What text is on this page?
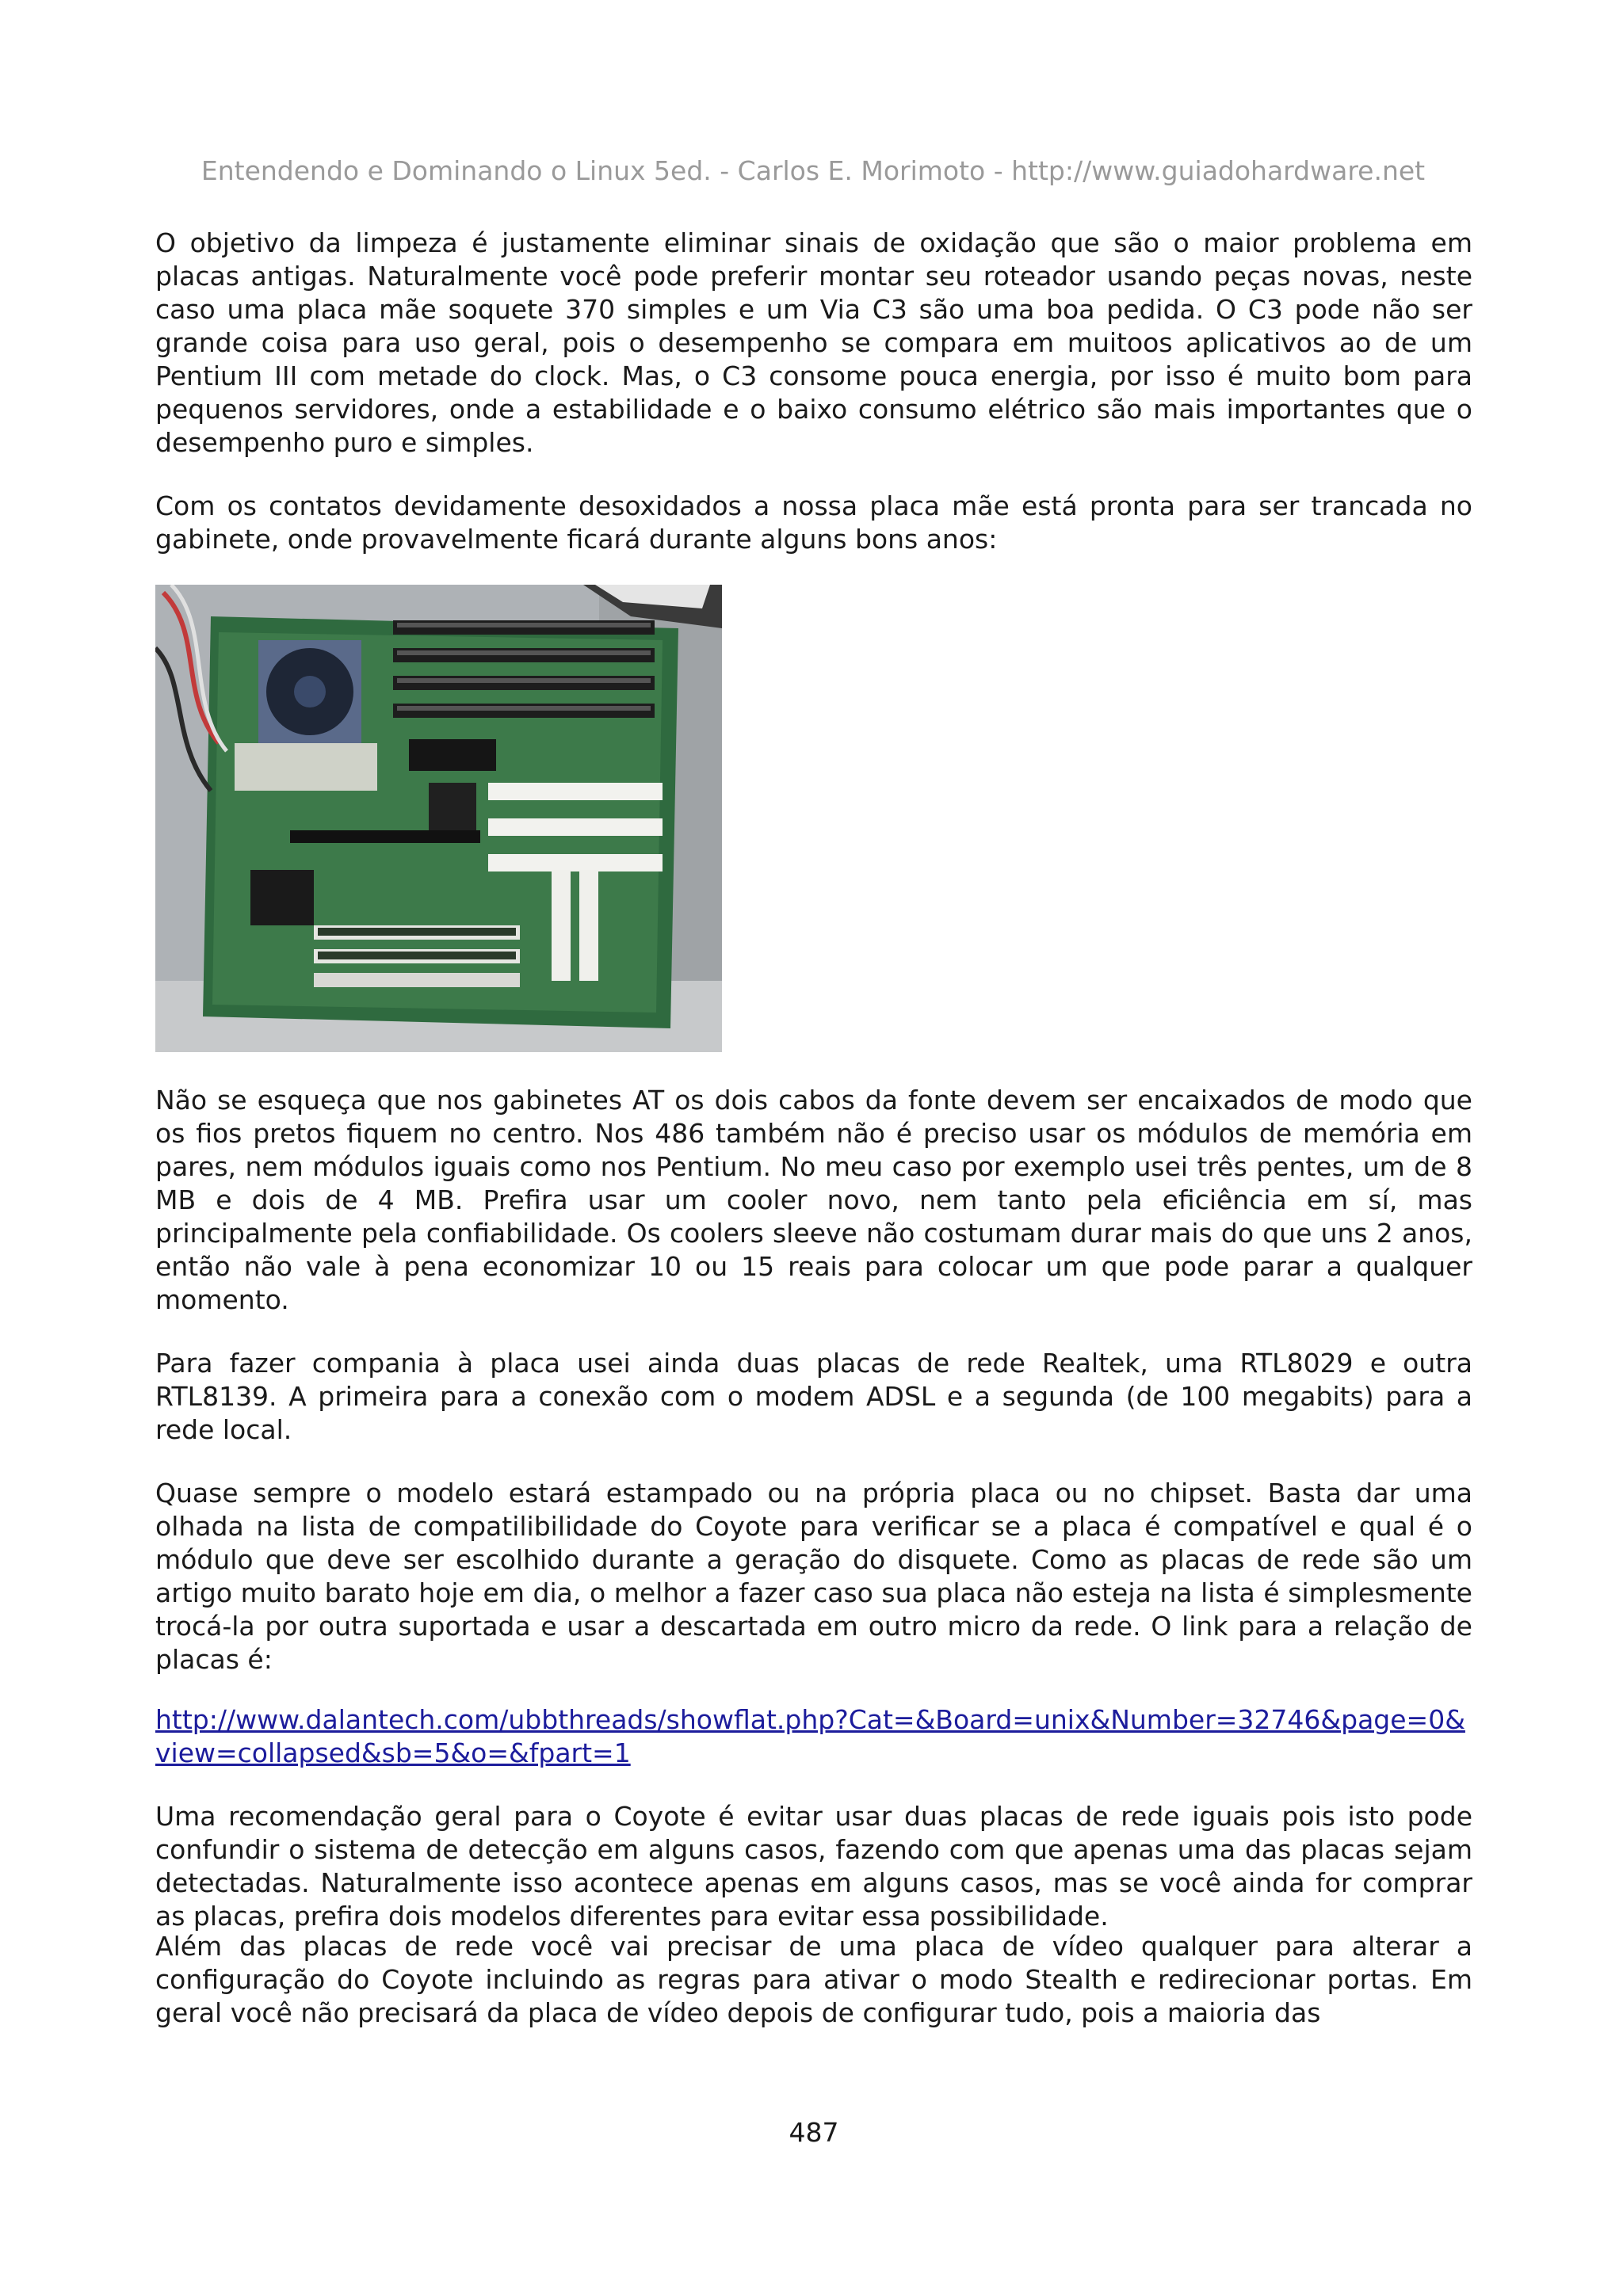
Entendendo e Dominando o Linux 5ed. - Carlos E. Morimoto - http://www.guiadohardware.net

O objetivo da limpeza é justamente eliminar sinais de oxidação que são o maior problema em placas antigas. Naturalmente você pode preferir montar seu roteador usando peças novas, neste caso uma placa mãe soquete 370 simples e um Via C3 são uma boa pedida. O C3 pode não ser grande coisa para uso geral, pois o desempenho se compara em muitoos aplicativos ao de um Pentium III com metade do clock. Mas, o C3 consome pouca energia, por isso é muito bom para pequenos servidores, onde a estabilidade e o baixo consumo elétrico são mais importantes que o desempenho puro e simples.

Com os contatos devidamente desoxidados a nossa placa mãe está pronta para ser trancada no gabinete, onde provavelmente ficará durante alguns bons anos:

Não se esqueça que nos gabinetes AT os dois cabos da fonte devem ser encaixados de modo que os fios pretos fiquem no centro. Nos 486 também não é preciso usar os módulos de memória em pares, nem módulos iguais como nos Pentium. No meu caso por exemplo usei três pentes, um de 8 MB e dois de 4 MB. Prefira usar um cooler novo, nem tanto pela eficiência em sí, mas principalmente pela confiabilidade. Os coolers sleeve não costumam durar mais do que uns 2 anos, então não vale à pena economizar 10 ou 15 reais para colocar um que pode parar a qualquer momento.

Para fazer compania à placa usei ainda duas placas de rede Realtek, uma RTL8029 e outra RTL8139. A primeira para a conexão com o modem ADSL e a segunda (de 100 megabits) para a rede local.

Quase sempre o modelo estará estampado ou na própria placa ou no chipset. Basta dar uma olhada na lista de compatilibilidade do Coyote para verificar se a placa é compatível e qual é o módulo que deve ser escolhido durante a geração do disquete. Como as placas de rede são um artigo muito barato hoje em dia, o melhor a fazer caso sua placa não esteja na lista é simplesmente trocá-la por outra suportada e usar a descartada em outro micro da rede. O link para a relação de placas é:

http://www.dalantech.com/ubbthreads/showflat.php?Cat=&Board=unix&Number=32746&page=0&view=collapsed&sb=5&o=&fpart=1

Uma recomendação geral para o Coyote é evitar usar duas placas de rede iguais pois isto pode confundir o sistema de detecção em alguns casos, fazendo com que apenas uma das placas sejam detectadas. Naturalmente isso acontece apenas em alguns casos, mas se você ainda for comprar as placas, prefira dois modelos diferentes para evitar essa possibilidade.

Além das placas de rede você vai precisar de uma placa de vídeo qualquer para alterar a configuração do Coyote incluindo as regras para ativar o modo Stealth e redirecionar portas. Em geral você não precisará da placa de vídeo depois de configurar tudo, pois a maioria das

487
